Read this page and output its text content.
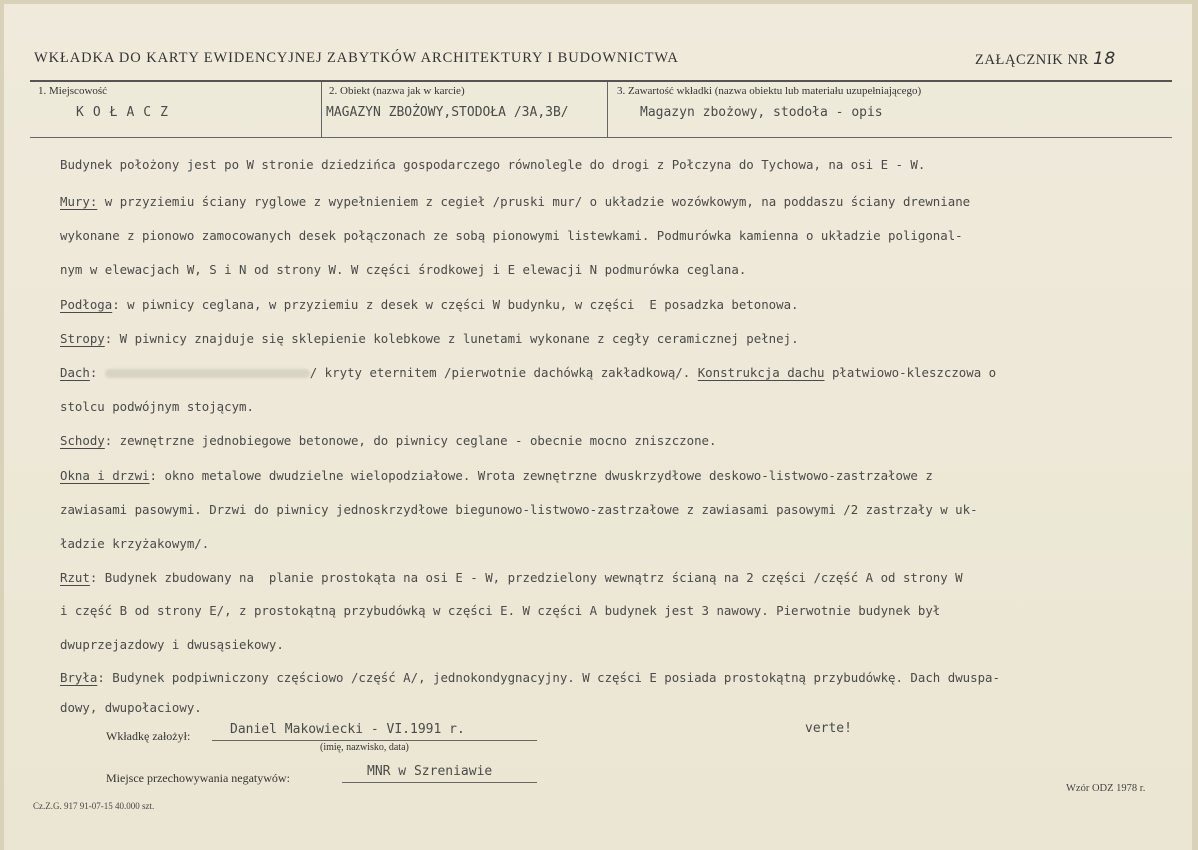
WKŁADKA DO KARTY EWIDENCYJNEJ ZABYTKÓW ARCHITEKTURY I BUDOWNICTWA	ZAŁĄCZNIK NR 18
1. Miejscowość
KOŁACZ
2. Obiekt (nazwa jak w karcie)
MAGAZYN ZBOŻOWY,STODOŁA /3A,3B/
3. Zawartość wkładki (nazwa obiektu lub materiału uzupełniającego)
Magazyn zbożowy, stodoła - opis
Budynek położony jest po W stronie dziedzińca gospodarczego równolegle do drogi z Połczyna do Tychowa, na osi E - W.
Mury: w przyziemiu ściany ryglowe z wypełnieniem z cegieł /pruski mur/ o układzie wozówkowym, na poddaszu ściany drewniane
wykonane z pionowo zamocowanych desek połączonach ze sobą pionowymi listewkami. Podmurówka kamienna o układzie poligonal-
nym w elewacjach W, S i N od strony W. W części środkowej i E elewacji N podmurówka ceglana.
Podłoga: w piwnicy ceglana, w przyziemiu z desek w części W budynku, w części  E posadzka betonowa.
Stropy: W piwnicy znajduje się sklepienie kolebkowe z lunetami wykonane z cegły ceramicznej pełnej.
Dach:	/ kryty eternitem /pierwotnie dachówką zakładkową/. Konstrukcja dachu płatwiowo-kleszczowa o
stolcu podwójnym stojącym.
Schody: zewnętrzne jednobiegowe betonowe, do piwnicy ceglane - obecnie mocno zniszczone.
Okna i drzwi: okno metalowe dwudzielne wielopodziałowe. Wrota zewnętrzne dwuskrzydłowe deskowo-listwowo-zastrzałowe z
zawiasami pasowymi. Drzwi do piwnicy jednoskrzydłowe biegunowo-listwowo-zastrzałowe z zawiasami pasowymi /2 zastrzały w uk-
ładzie krzyżakowym/.
Rzut: Budynek zbudowany na  planie prostokąta na osi E - W, przedzielony wewnątrz ścianą na 2 części /część A od strony W
i część B od strony E/, z prostokątną przybudówką w części E. W części A budynek jest 3 nawowy. Pierwotnie budynek był
dwuprzejazdowy i dwusąsiekowy.
Bryła: Budynek podpiwniczony częściowo /część A/, jednokondygnacyjny. W części E posiada prostokątną przybudówkę. Dach dwuspa-
dowy, dwupołaciowy.
Wkładkę założył:	Daniel Makowiecki - VI.1991 r.
(imię, nazwisko, data)
verte!
Miejsce przechowywania negatywów:	MNR w Szreniawie
Cz.Z.G. 917 91-07-15 40.000 szt.
Wzór ODZ 1978 r.
